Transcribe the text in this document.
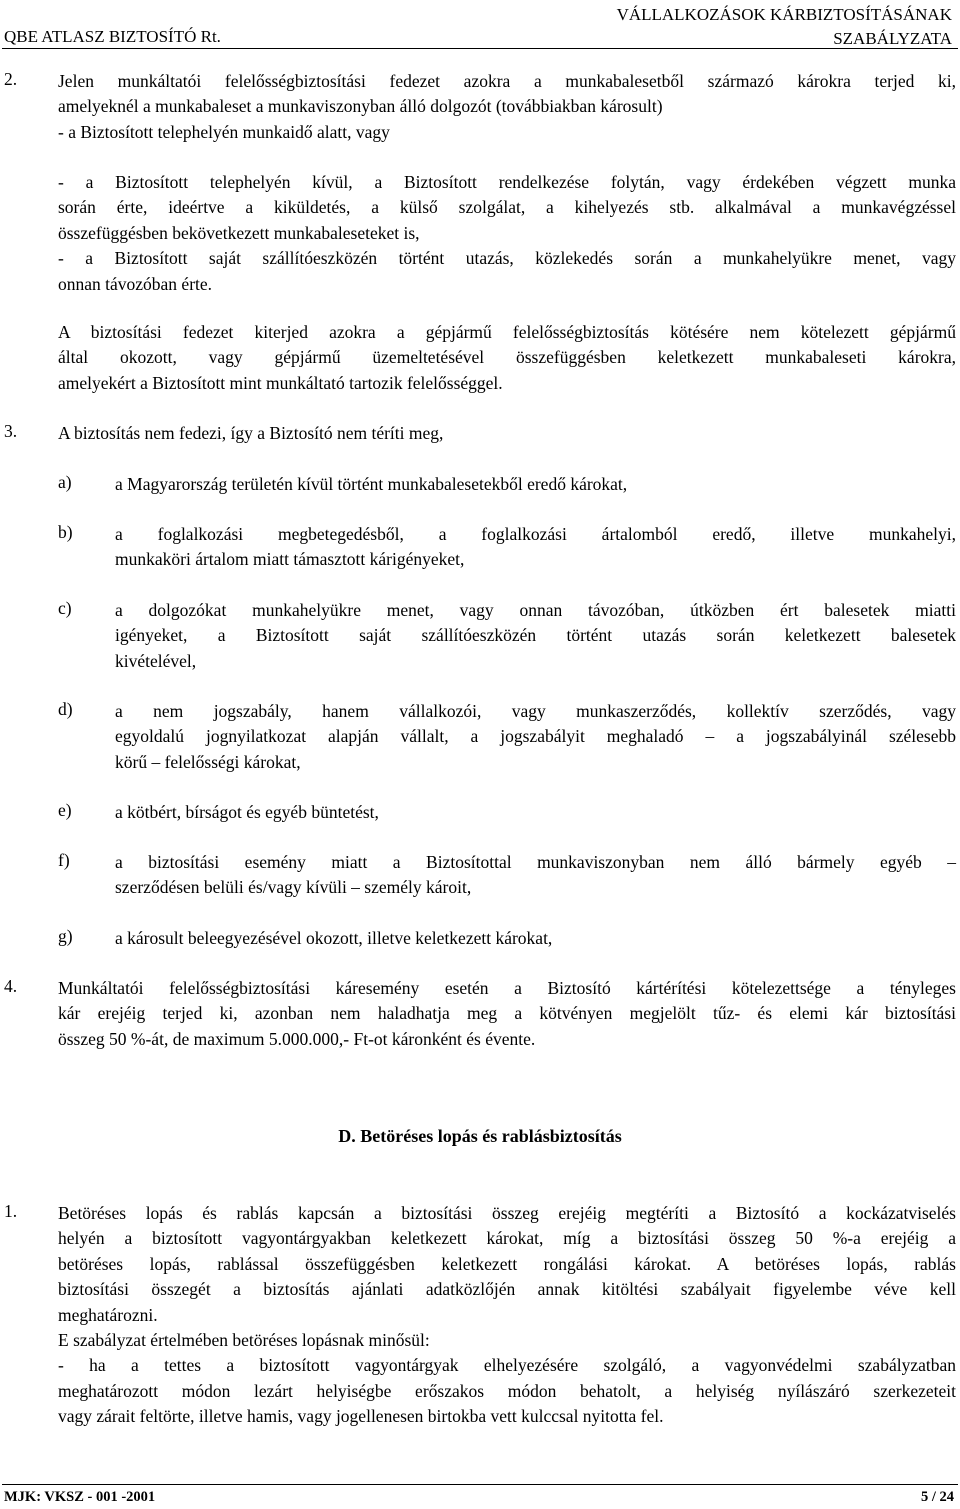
QBE ATLASZ BIZTOSÍTÓ Rt.
VÁLLALKOZÁSOK KÁRBIZTOSÍTÁSÁNAK
SZABÁLYZATA
2. Jelen munkáltatói felelősségbiztosítási fedezet azokra a munkabalesetből származó károkra terjed ki,
amelyeknél a munkabaleset a munkaviszonyban álló dolgozót (továbbiakban károsult)
- a Biztosított telephelyén munkaidő alatt, vagy
- a Biztosított telephelyén kívül, a Biztosított rendelkezése folytán, vagy érdekében végzett munka
során érte, ideértve a kiküldetés, a külső szolgálat, a kihelyezés stb. alkalmával a munkavégzéssel
összefüggésben bekövetkezett munkabaleseteket is,
- a Biztosított saját szállítóeszközén történt utazás, közlekedés során a munkahelyükre menet, vagy
onnan távozóban érte.
A biztosítási fedezet kiterjed azokra a gépjármű felelősségbiztosítás kötésére nem kötelezett gépjármű
által okozott, vagy gépjármű üzemeltetésével összefüggésben keletkezett munkabaleseti károkra,
amelyekért a Biztosított mint munkáltató tartozik felelősséggel.
3. A biztosítás nem fedezi, így a Biztosító nem téríti meg,
a) a Magyarország területén kívül történt munkabalesetekből eredő károkat,
b) a foglalkozási megbetegedésből, a foglalkozási ártalomból eredő, illetve munkahelyi,
munkaköri ártalom miatt támasztott kárigényeket,
c) a dolgozókat munkahelyükre menet, vagy onnan távozóban, útközben ért balesetek miatti
igényeket, a Biztosított saját szállítóeszközén történt utazás során keletkezett balesetek
kivételével,
d) a nem jogszabály, hanem vállalkozói, vagy munkaszerződés, kollektív szerződés, vagy
egyoldalú jognyilatkozat alapján vállalt, a jogszabályit meghaladó – a jogszabályinál szélesebb
körű – felelősségi károkat,
e) a kötbért, bírságot és egyéb büntetést,
f)	a biztosítási esemény miatt a Biztosítottal munkaviszonyban nem álló bármely egyéb –
szerződésen belüli és/vagy kívüli – személy károit,
g) a károsult beleegyezésével okozott, illetve keletkezett károkat,
4. Munkáltatói felelősségbiztosítási káresemény esetén a Biztosító kártérítési kötelezettsége a tényleges
kár erejéig terjed ki, azonban nem haladhatja meg a kötvényen megjelölt tűz- és elemi kár biztosítási
összeg 50 %-át, de maximum 5.000.000,- Ft-ot káronként és évente.
D. Betöréses lopás és rablásbiztosítás
1. Betöréses lopás és rablás kapcsán a biztosítási összeg erejéig megtéríti a Biztosító a kockázatviselés
helyén a biztosított vagyontárgyakban keletkezett károkat, míg a biztosítási összeg 50 %-a erejéig a
betöréses lopás, rablással összefüggésben keletkezett rongálási károkat. A betöréses lopás, rablás
biztosítási összegét a biztosítás ajánlati adatközlőjén annak kitöltési szabályait figyelembe véve kell
meghatározni.
E szabályzat értelmében betöréses lopásnak minősül:
- ha a tettes a biztosított vagyontárgyak elhelyezésére szolgáló, a vagyonvédelmi szabályzatban
meghatározott módon lezárt helyiségbe erőszakos módon behatolt, a helyiség nyílászáró szerkezeteit
vagy zárait feltörte, illetve hamis, vagy jogellenesen birtokba vett kulccsal nyitotta fel.
MJK: VKSZ - 001 -2001	5 / 24
